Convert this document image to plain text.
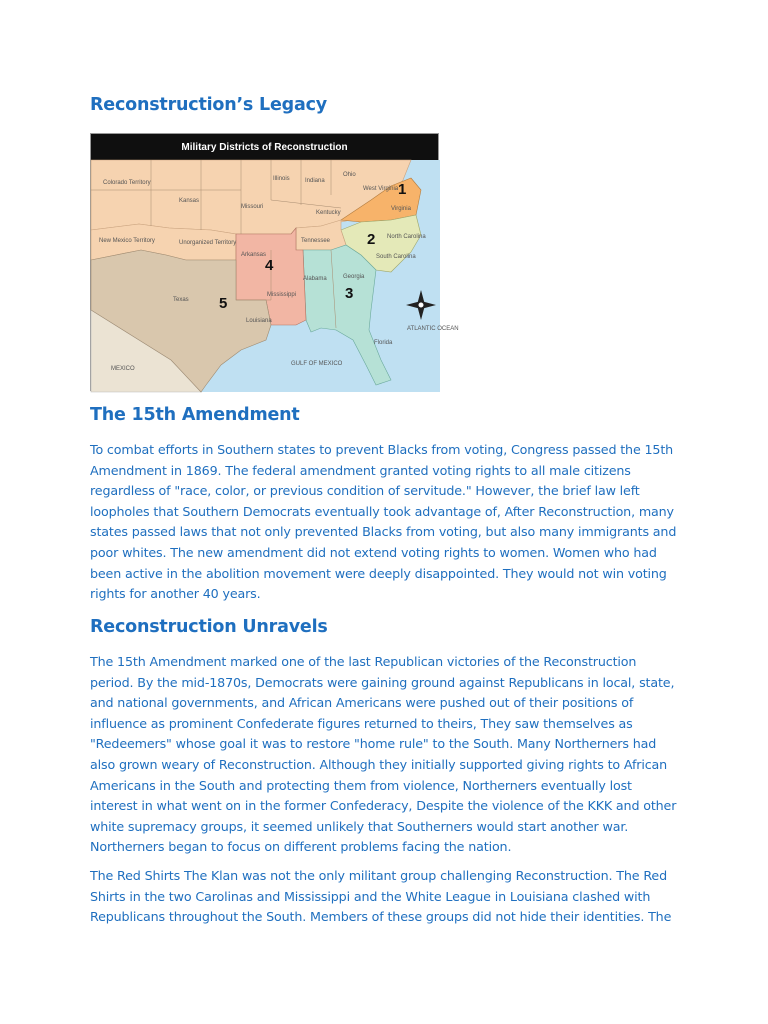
Reconstruction’s Legacy
Military Districts of Reconstruction
Colorado Territory
Kansas
Illinois	Indiana
Ohio
West Virginia
Virginia
Missouri
Kentucky
New Mexico Territory	Unorganized Territory
Arkansas
Tennessee
North Carolina
South Carolina
Texas
Mississippi
Alabama	Georgia
Louisiana
Florida
ATLANTIC OCEAN
GULF OF MEXICO
MEXICO
1
2
3
4
5
The 15th Amendment

To combat efforts in Southern states to prevent Blacks from voting, Congress passed the 15th Amendment in 1869. The federal amendment granted voting rights to all male citizens regardless of "race, color, or previous condition of servitude." However, the brief law left loopholes that Southern Democrats eventually took advantage of, After Reconstruction, many states passed laws that not only prevented Blacks from voting, but also many immigrants and poor whites. The new amendment did not extend voting rights to women. Women who had been active in the abolition movement were deeply disappointed. They would not win voting rights for another 40 years.

Reconstruction Unravels

The 15th Amendment marked one of the last Republican victories of the Reconstruction period. By the mid-1870s, Democrats were gaining ground against Republicans in local, state, and national governments, and African Americans were pushed out of their positions of influence as prominent Confederate figures returned to theirs, They saw themselves as "Redeemers" whose goal it was to restore "home rule" to the South. Many Northerners had also grown weary of Reconstruction. Although they initially supported giving rights to African Americans in the South and protecting them from violence, Northerners eventually lost interest in what went on in the former Confederacy, Despite the violence of the KKK and other white supremacy groups, it seemed unlikely that Southerners would start another war. Northerners began to focus on different problems facing the nation.

The Red Shirts The Klan was not the only militant group challenging Reconstruction. The Red Shirts in the two Carolinas and Mississippi and the White League in Louisiana clashed with Republicans throughout the South. Members of these groups did not hide their identities. The
